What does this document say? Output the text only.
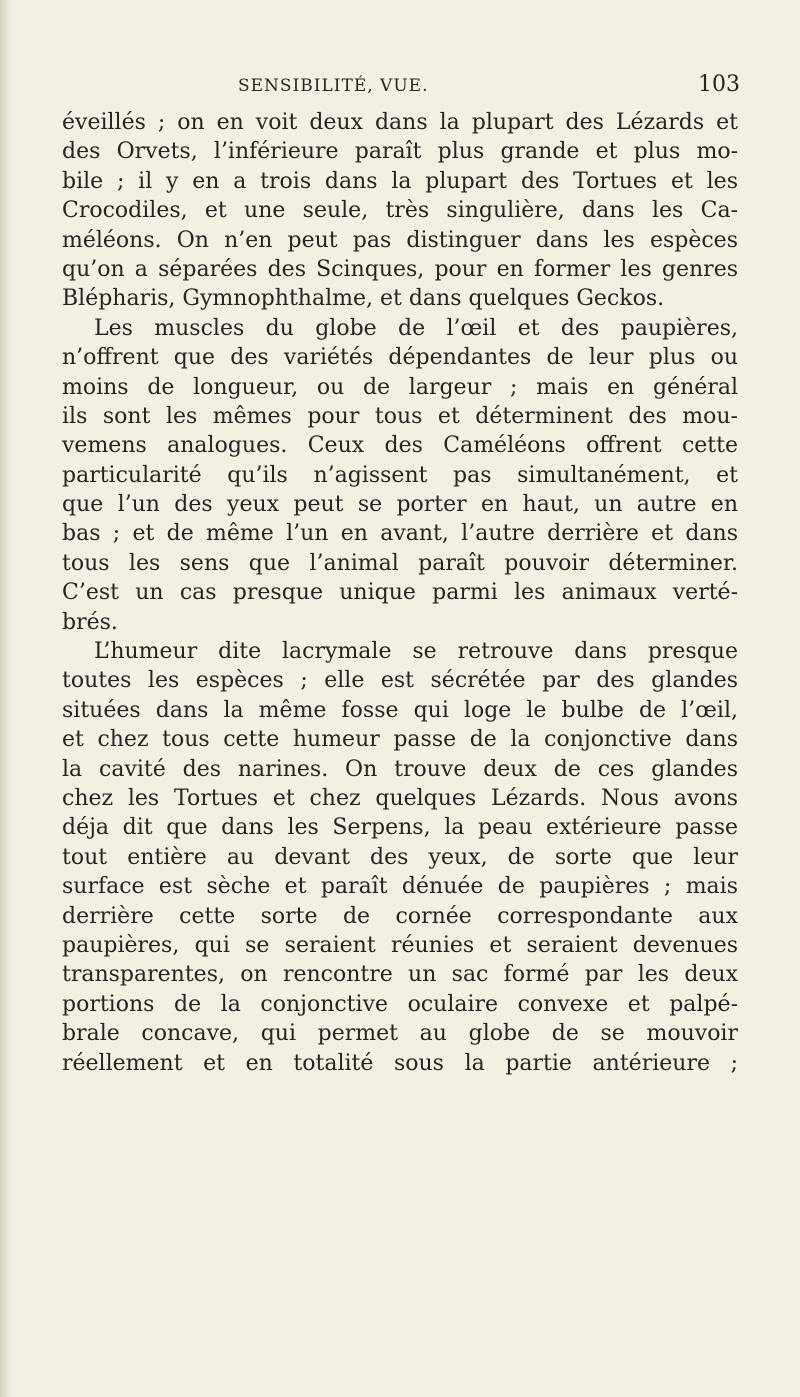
SENSIBILITÉ, VUE.	103
éveillés ; on en voit deux dans la plupart des Lézards et
des Orvets, l’inférieure paraît plus grande et plus mo-
bile ; il y en a trois dans la plupart des Tortues et les
Crocodiles, et une seule, très singulière, dans les Ca-
méléons. On n’en peut pas distinguer dans les espèces
qu’on a séparées des Scinques, pour en former les genres
Blépharis, Gymnophthalme, et dans quelques Geckos.
Les muscles du globe de l’œil et des paupières,
n’offrent que des variétés dépendantes de leur plus ou
moins de longueur, ou de largeur ; mais en général
ils sont les mêmes pour tous et déterminent des mou-
vemens analogues. Ceux des Caméléons offrent cette
particularité qu’ils n’agissent pas simultanément, et
que l’un des yeux peut se porter en haut, un autre en
bas ; et de même l’un en avant, l’autre derrière et dans
tous les sens que l’animal paraît pouvoir déterminer.
C’est un cas presque unique parmi les animaux verté-
brés.
L’humeur dite lacrymale se retrouve dans presque
toutes les espèces ; elle est sécrétée par des glandes
situées dans la même fosse qui loge le bulbe de l’œil,
et chez tous cette humeur passe de la conjonctive dans
la cavité des narines. On trouve deux de ces glandes
chez les Tortues et chez quelques Lézards. Nous avons
déja dit que dans les Serpens, la peau extérieure passe
tout entière au devant des yeux, de sorte que leur
surface est sèche et paraît dénuée de paupières ; mais
derrière cette sorte de cornée correspondante aux
paupières, qui se seraient réunies et seraient devenues
transparentes, on rencontre un sac formé par les deux
portions de la conjonctive oculaire convexe et palpé-
brale concave, qui permet au globe de se mouvoir
réellement et en totalité sous la partie antérieure ;
